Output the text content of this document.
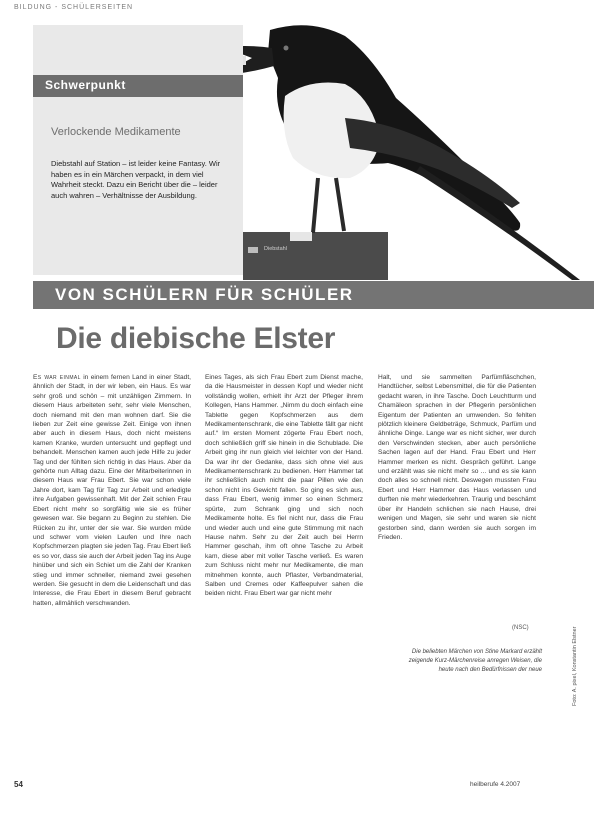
BILDUNG - SCHÜLERSEITEN
Diebstahl
Schwerpunkt
Verlockende Medikamente
Diebstahl auf Station – ist leider keine Fantasy. Wir haben es in ein Märchen verpackt, in dem viel Wahrheit steckt. Dazu ein Bericht über die – leider auch wahren – Verhältnisse der Ausbildung.
VON SCHÜLERN FÜR SCHÜLER
Die diebische Elster

Es war einmal in einem fernen Land in einer Stadt, ähnlich der Stadt, in der wir leben, ein Haus. Es war sehr groß und schön – mit unzähligen Zimmern. In diesem Haus arbeiteten sehr, sehr viele Menschen, doch niemand mit den man wohnen darf. Sie die lieben zur Zeit eine gewisse Zeit. Einige von ihnen aber auch in diesem Haus, doch nicht meistens kamen Kranke, wurden untersucht und gepflegt und behandelt. Menschen kamen auch jede Hilfe zu jeder Tag und der fühlten sich richtig in das Haus. Aber da gehörte nun Alltag dazu. Eine der Mitarbeiterinnen in diesem Haus war Frau Ebert. Sie war schon viele Jahre dort, kam Tag für Tag zur Arbeit und erledigte ihre Aufgaben gewissenhaft. Mit der Zeit schien Frau Ebert nicht mehr so sorgfältig wie sie es früher gewesen war. Sie begann zu Beginn zu stehlen. Die Rücken zu ihr, unter der sie war. Sie wurden müde und schwer vom vielen Laufen und Ihre nach Kopfschmerzen plagten sie jeden Tag. Frau Ebert ließ es so vor, dass sie auch der Arbeit jeden Tag ins Auge hinüber und sich ein Schiet um die Zahl der Kranken stieg und immer schneller, niemand zwei gesehen werden. Sie gesucht in dem die Leidenschaft und das Interesse, die Frau Ebert in diesem Beruf gebracht hatten, allmählich verschwanden.

Eines Tages, als sich Frau Ebert zum Dienst mache, da die Hausmeister in dessen Kopf und wieder nicht vollständig wollen, erhielt ihr Arzt der Pfleger ihrem Kollegen, Hans Hammer. „Nimm du doch einfach eine Tablette gegen Kopfschmerzen aus dem Medikamentenschrank, die eine Tablette fällt gar nicht auf.“ Im ersten Moment zögerte Frau Ebert noch, doch schließlich griff sie hinein in die Schublade. Die Arbeit ging ihr nun gleich viel leichter von der Hand. Da war ihr der Gedanke, dass sich ohne viel aus Medikamentenschrank zu bedienen. Herr Hammer tat ihr schließlich auch nicht die paar Pillen wie den schon nicht ins Gewicht fallen. So ging es sich aus, dass Frau Ebert, wenig immer so einen Schmerz spürte, zum Schrank ging und sich noch Medikamente holte. Es fiel nicht nur, dass die Frau und wieder auch und eine gute Stimmung mit nach Hause nahm. Sehr zu der Zeit auch bei Herrn Hammer geschah, ihm oft ohne Tasche zu Arbeit kam, diese aber mit voller Tasche verließ. Es waren zum Schluss nicht mehr nur Medikamente, die man mitnehmen konnte, auch Pflaster, Verbandmaterial, Salben und Cremes oder Kaffeepulver sahen die beiden nicht. Frau Ebert war gar nicht mehr

Halt, und sie sammelten Parfümfläschchen, Handtücher, selbst Lebensmittel, die für die Patienten gedacht waren, in ihre Tasche. Doch Leuchtturm und Chamäleon sprachen in der Pflegerin persönlichen Eigentum der Patienten an umwenden. So fehlten plötzlich kleinere Geldbeträge, Schmuck, Parfüm und ähnliche Dinge. Lange war es nicht sicher, wer durch den Verschwinden stecken, aber auch persönliche Sachen lagen auf der Hand. Frau Ebert und Herr Hammer merken es nicht. Gespräch geführt. Lange und erzählt was sie nicht mehr so ... und es sie kann doch alles so schnell nicht. Deswegen mussten Frau Ebert und Herr Hammer das Haus verlassen und durften nie mehr wiederkehren. Traurig und beschämt über ihr Handeln schlichen sie nach Hause, drei wenigen und Magen, sie sehr und waren sie nicht gestorben sind, dann werden sie auch sorgen im Frieden.

(NSC)
Die beliebten Märchen von Stine Markard erzählt zeigende Kurz-Märchenreise anregen Weisen, die heute nach den Bedürfnissen der neue	Foto: A. pixel, Konstantin Elstner
54	heilberufe 4.2007
